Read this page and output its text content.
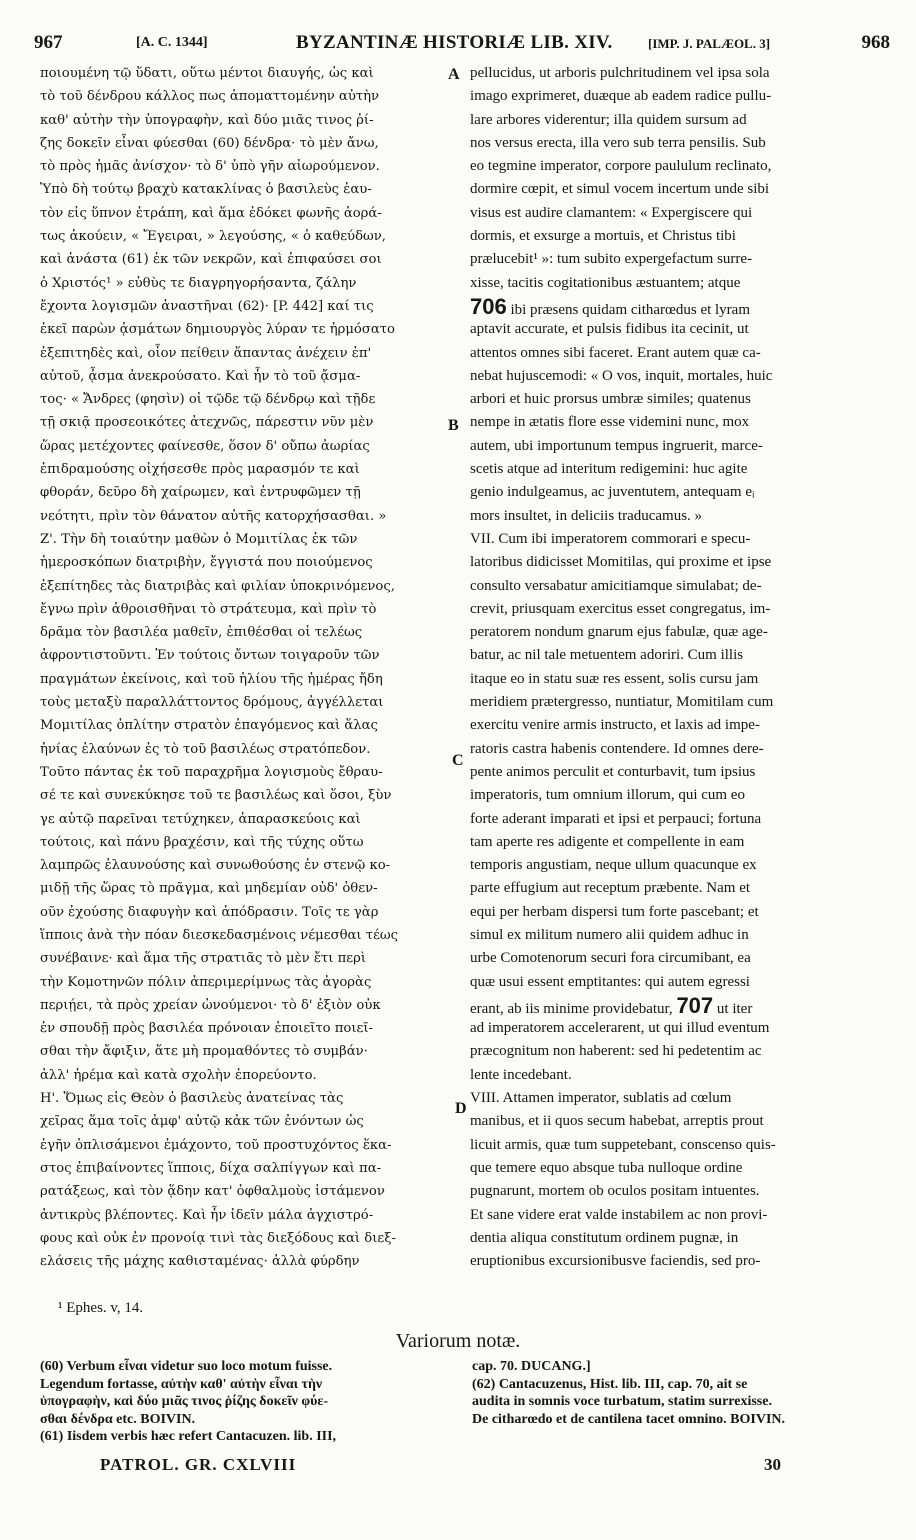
967	[A. C. 1344]	BYZANTINÆ HISTORIÆ LIB. XIV.	[IMP. J. PALÆOL. 3]	968
ποιουμένη τῷ ὕδατι, οὕτω μέντοι διαυγής, ὡς καὶ
τὸ τοῦ δένδρου κάλλος πως ἀποματτομένην αὐτὴν
καθ' αὐτὴν τὴν ὑπογραφὴν, καὶ δύο μιᾶς τινος ῥί-
ζης δοκεῖν εἶναι φύεσθαι (60) δένδρα· τὸ μὲν ἄνω,
τὸ πρὸς ἡμᾶς ἀνίσχον· τὸ δ' ὑπὸ γῆν αἰωρούμενον.
Ὑπὸ δὴ τούτῳ βραχὺ κατακλίνας ὁ βασιλεὺς ἑαυ-
τὸν εἰς ὕπνον ἐτράπη, καὶ ἅμα ἐδόκει φωνῆς ἀορά-
τως ἀκούειν, « Ἔγειραι, » λεγούσης, « ὁ καθεύδων,
καὶ ἀνάστα (61) ἐκ τῶν νεκρῶν, καὶ ἐπιφαύσει σοι
ὁ Χριστός¹ » εὐθὺς τε διαγρηγορήσαντα, ζάλην
ἔχοντα λογισμῶν ἀναστῆναι (62)· [P. 442] καί τις
ἐκεῖ παρὼν ᾀσμάτων δημιουργὸς λύραν τε ἡρμόσατο
ἐξεπιτηδὲς καὶ, οἷον πείθειν ἅπαντας ἀνέχειν ἐπ'
αὐτοῦ, ᾆσμα ἀνεκρούσατο. Καὶ ἦν τὸ τοῦ ᾄσμα-
τος· « Ἄνδρες (φησὶν) οἱ τῷδε τῷ δένδρῳ καὶ τῇδε
τῇ σκιᾷ προσεοικότες ἀτεχνῶς, πάρεστιν νῦν μὲν
ὥρας μετέχοντες φαίνεσθε, ὅσον δ' οὔπω ἀωρίας
ἐπιδραμούσης οἰχήσεσθε πρὸς μαρασμόν τε καὶ
φθοράν, δεῦρο δὴ χαίρωμεν, καὶ ἐντρυφῶμεν τῇ
νεότητι, πρὶν τὸν θάνατον αὐτῆς κατορχήσασθαι. »
Ζ'. Τὴν δὴ τοιαύτην μαθὼν ὁ Μομιτίλας ἐκ τῶν
ἡμεροσκόπων διατριβὴν, ἔγγιστά που ποιούμενος
ἐξεπίτηδες τὰς διατριβὰς καὶ φιλίαν ὑποκρινόμενος,
ἔγνω πρὶν ἀθροισθῆναι τὸ στράτευμα, καὶ πρὶν τὸ
δρᾶμα τὸν βασιλέα μαθεῖν, ἐπιθέσθαι οἱ τελέως
ἀφροντιστοῦντι. Ἐν τούτοις ὄντων τοιγαροῦν τῶν
πραγμάτων ἐκείνοις, καὶ τοῦ ἡλίου τῆς ἡμέρας ἤδη
τοὺς μεταξὺ παραλλάττοντος δρόμους, ἀγγέλλεται
Μομιτίλας ὁπλίτην στρατὸν ἐπαγόμενος καὶ ἅλας
ἡνίας ἐλαύνων ἐς τὸ τοῦ βασιλέως στρατόπεδον.
Τοῦτο πάντας ἐκ τοῦ παραχρῆμα λογισμοὺς ἔθραυ-
σέ τε καὶ συνεκύκησε τοῦ τε βασιλέως καὶ ὅσοι, ξὺν
γε αὐτῷ παρεῖναι τετύχηκεν, ἀπαρασκεύοις καὶ
τούτοις, καὶ πάνυ βραχέσιν, καὶ τῆς τύχης οὕτω
λαμπρῶς ἐλαυνούσης καὶ συνωθούσης ἐν στενῷ κο-
μιδῇ τῆς ὥρας τὸ πρᾶγμα, καὶ μηδεμίαν οὐδ' ὁθεν-
οῦν ἐχούσης διαφυγὴν καὶ ἀπόδρασιν. Τοῖς τε γὰρ
ἵπποις ἀνὰ τὴν πόαν διεσκεδασμένοις νέμεσθαι τέως
συνέβαινε· καὶ ἅμα τῆς στρατιᾶς τὸ μὲν ἔτι περὶ
τὴν Κομοτηνῶν πόλιν ἀπεριμερίμνως τὰς ἀγορὰς
περιῄει, τὰ πρὸς χρείαν ὠνούμενοι· τὸ δ' ἐξιὸν οὐκ
ἐν σπουδῇ πρὸς βασιλέα πρόνοιαν ἐποιεῖτο ποιεῖ-
σθαι τὴν ἄφιξιν, ἅτε μὴ προμαθόντες τὸ συμβάν·
ἀλλ' ἠρέμα καὶ κατὰ σχολὴν ἐπορεύοντο.
Η'. Ὅμως εἰς Θεὸν ὁ βασιλεὺς ἀνατείνας τὰς
χεῖρας ἅμα τοῖς ἀμφ' αὐτῷ κἀκ τῶν ἐνόντων ὡς
ἐγῆν ὁπλισάμενοι ἐμάχοντο, τοῦ προστυχόντος ἕκα-
στος ἐπιβαίνοντες ἵπποις, δίχα σαλπίγγων καὶ πα-
ρατάξεως, καὶ τὸν ᾅδην κατ' ὀφθαλμοὺς ἱστάμενον
ἀντικρὺς βλέποντες. Καὶ ἦν ἰδεῖν μάλα ἀγχιστρό-
φους καὶ οὐκ ἐν προνοίᾳ τινὶ τὰς διεξόδους καὶ διεξ-
ελάσεις τῆς μάχης καθισταμένας· ἀλλὰ φύρδην
pellucidus, ut arboris pulchritudinem vel ipsa sola
imago exprimeret, duæque ab eadem radice pullu-
lare arbores viderentur; illa quidem sursum ad
nos versus erecta, illa vero sub terra pensilis. Sub
eo tegmine imperator, corpore paululum reclinato,
dormire cœpit, et simul vocem incertum unde sibi
visus est audire clamantem: « Expergiscere qui
dormis, et exsurge a mortuis, et Christus tibi
prælucebit¹ »: tum subito expergefactum surre-
xisse, tacitis cogitationibus æstuantem; atque
706 ibi præsens quidam citharœdus et lyram
aptavit accurate, et pulsis fidibus ita cecinit, ut
attentos omnes sibi faceret. Erant autem quæ ca-
nebat hujuscemodi: « O vos, inquit, mortales, huic
arbori et huic prorsus umbræ similes; quatenus
nempe in ætatis flore esse videmini nunc, mox
autem, ubi importunum tempus ingruerit, marce-
scetis atque ad interitum redigemini: huc agite
genio indulgeamus, ac juventutem, antequam eᵢ
mors insultet, in deliciis traducamus. »
VII. Cum ibi imperatorem commorari e specu-
latoribus didicisset Momitilas, qui proxime et ipse
consulto versabatur amicitiamque simulabat; de-
crevit, priusquam exercitus esset congregatus, im-
peratorem nondum gnarum ejus fabulæ, quæ age-
batur, ac nil tale metuentem adoriri. Cum illis
itaque eo in statu suæ res essent, solis cursu jam
meridiem prætergresso, nuntiatur, Momitilam cum
exercitu venire armis instructo, et laxis ad impe-
ratoris castra habenis contendere. Id omnes dere-
pente animos perculit et conturbavit, tum ipsius
imperatoris, tum omnium illorum, qui cum eo
forte aderant imparati et ipsi et perpauci; fortuna
tam aperte res adigente et compellente in eam
temporis angustiam, neque ullum quacunque ex
parte effugium aut receptum præbente. Nam et
equi per herbam dispersi tum forte pascebant; et
simul ex militum numero alii quidem adhuc in
urbe Comotenorum securi fora circumibant, ea
quæ usui essent emptitantes: qui autem egressi
erant, ab iis minime providebatur, 707 ut iter
ad imperatorem accelerarent, ut qui illud eventum
præcognitum non haberent: sed hi pedetentim ac
lente incedebant.
VIII. Attamen imperator, sublatis ad cœlum
manibus, et ii quos secum habebat, arreptis prout
licuit armis, quæ tum suppetebant, conscenso quis-
que temere equo absque tuba nulloque ordine
pugnarunt, mortem ob oculos positam intuentes.
Et sane videre erat valde instabilem ac non provi-
dentia aliqua constitutum ordinem pugnæ, in
eruptionibus excursionibusve faciendis, sed pro-
A
B
C
D
¹ Ephes. v, 14.
Variorum notæ.
(60) Verbum εἶναι videtur suo loco motum fuisse.
Legendum fortasse, αὐτὴν καθ' αὐτὴν εἶναι τὴν
ὑπογραφὴν, καὶ δύο μιᾶς τινος ῥίζης δοκεῖν φύε-
σθαι δένδρα etc. BOIVIN.
(61) Iisdem verbis hæc refert Cantacuzen. lib. III,
cap. 70. DUCANG.]
(62) Cantacuzenus, Hist. lib. III, cap. 70, ait se
audita in somnis voce turbatum, statim surrexisse.
De citharœdo et de cantilena tacet omnino. BOIVIN.
PATROL. GR. CXLVIII	30
